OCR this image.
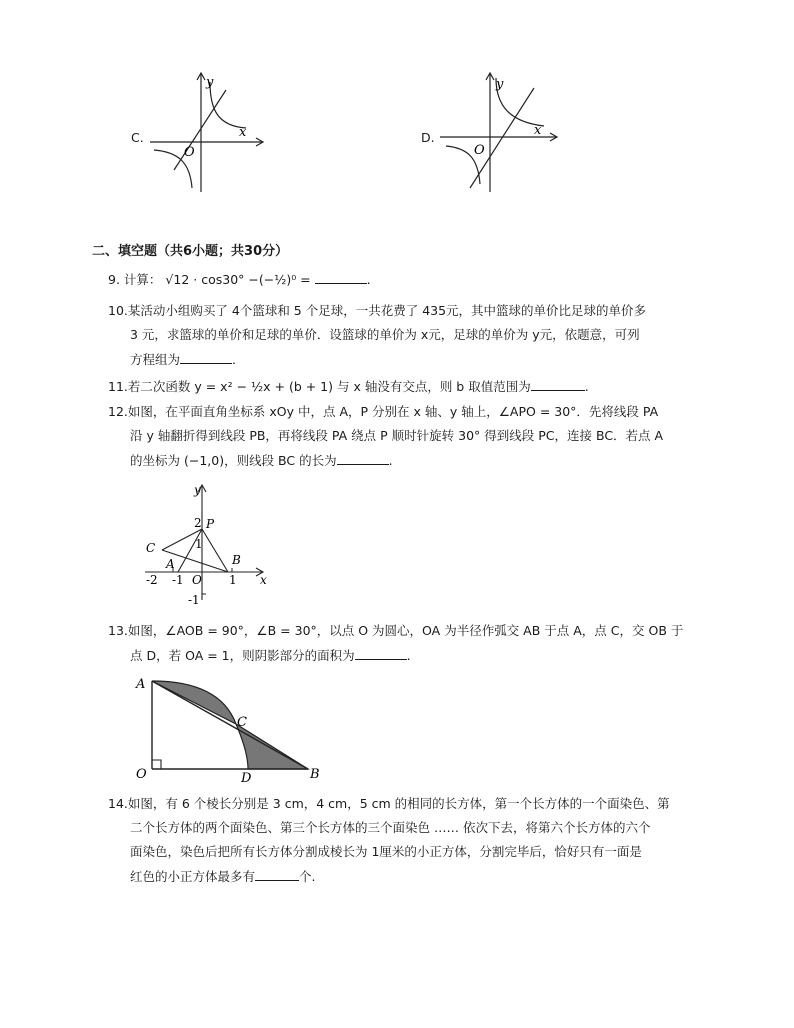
C.
y
x
O
D.
y
x
O
二、填空题（共6小题；共30分）
9. 计算： √12 · cos30° −(−½)⁰ =	.
10.某活动小组购买了 4个篮球和 5 个足球，一共花费了 435元，其中篮球的单价比足球的单价多
3 元，求篮球的单价和足球的单价．设篮球的单价为 x元，足球的单价为 y元，依题意，可列
方程组为	.
11.若二次函数 y = x² − ½x + (b + 1) 与 x 轴没有交点，则 b 取值范围为	.
12.如图，在平面直角坐标系 xOy 中，点 A，P 分别在 x 轴、y 轴上，∠APO = 30°．先将线段 PA
沿 y 轴翻折得到线段 PB，再将线段 PA 绕点 P 顺时针旋转 30° 得到线段 PC，连接 BC．若点 A
的坐标为 (−1,0)，则线段 BC 的长为	.
y
x
P
A	B
C
O
2
1
-1
-2 -1	1
13.如图，∠AOB = 90°，∠B = 30°，以点 O 为圆心，OA 为半径作弧交 AB 于点 A，点 C，交 OB 于
点 D，若 OA = 1，则阴影部分的面积为	.
A
C
O	D	B
14.如图，有 6 个棱长分别是 3 cm，4 cm，5 cm 的相同的长方体，第一个长方体的一个面染色、第
二个长方体的两个面染色、第三个长方体的三个面染色 …… 依次下去，将第六个长方体的六个
面染色，染色后把所有长方体分割成棱长为 1厘米的小正方体，分割完毕后，恰好只有一面是
红色的小正方体最多有	个.
